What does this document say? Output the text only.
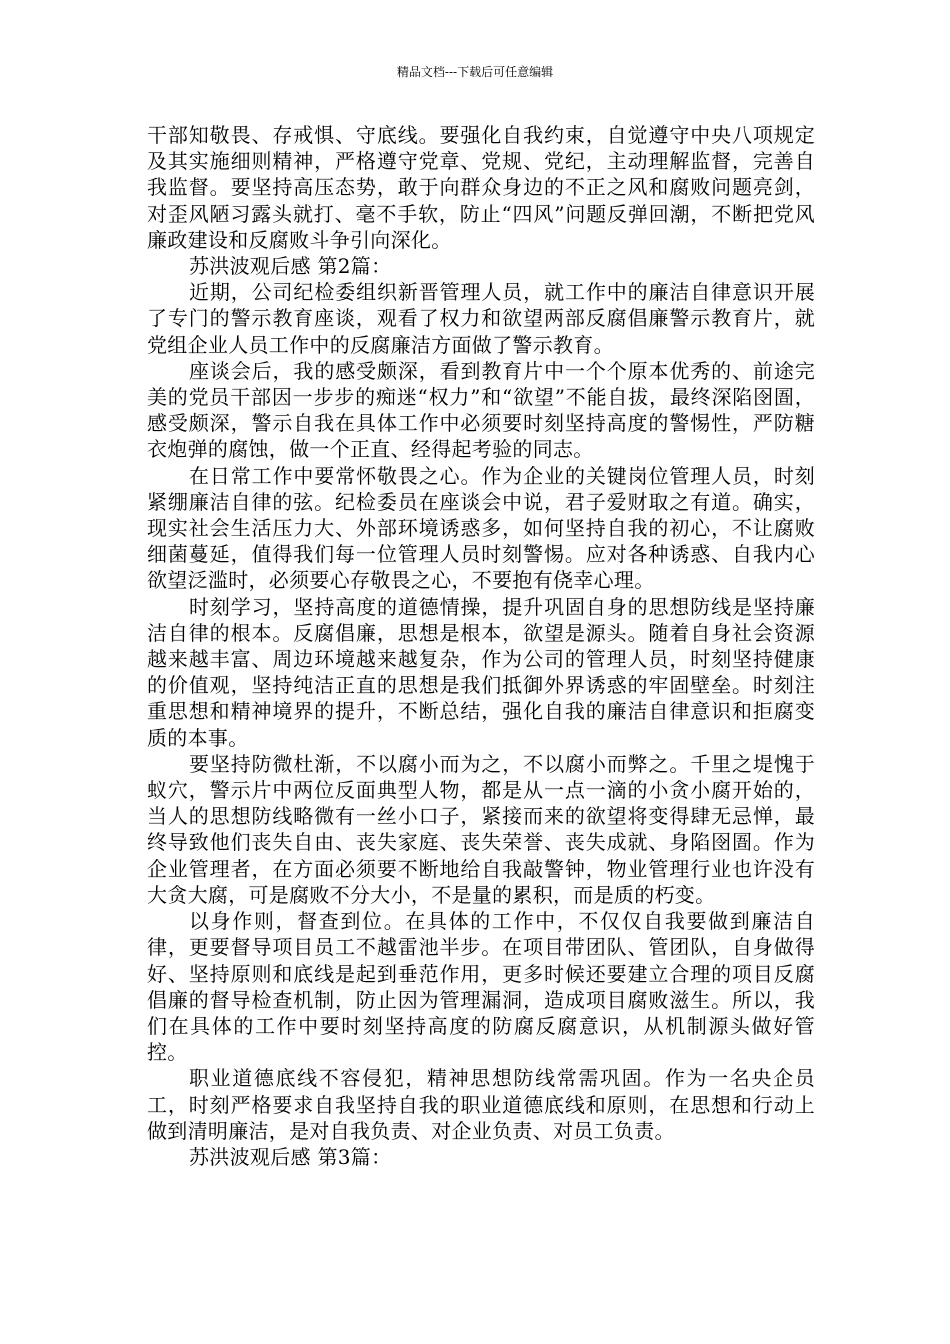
精品文档---下载后可任意编辑

干部知敬畏、存戒惧、守底线。要强化自我约束，自觉遵守中央八项规定及其实施细则精神，严格遵守党章、党规、党纪，主动理解监督，完善自我监督。要坚持高压态势，敢于向群众身边的不正之风和腐败问题亮剑，对歪风陋习露头就打、毫不手软，防止“四风”问题反弹回潮，不断把党风廉政建设和反腐败斗争引向深化。

苏洪波观后感 第2篇：

近期，公司纪检委组织新晋管理人员，就工作中的廉洁自律意识开展了专门的警示教育座谈，观看了权力和欲望两部反腐倡廉警示教育片，就党组企业人员工作中的反腐廉洁方面做了警示教育。

座谈会后，我的感受颇深，看到教育片中一个个原本优秀的、前途完美的党员干部因一步步的痴迷“权力”和“欲望”不能自拔，最终深陷囹圄，感受颇深，警示自我在具体工作中必须要时刻坚持高度的警惕性，严防糖衣炮弹的腐蚀，做一个正直、经得起考验的同志。

在日常工作中要常怀敬畏之心。作为企业的关键岗位管理人员，时刻紧绷廉洁自律的弦。纪检委员在座谈会中说，君子爱财取之有道。确实，现实社会生活压力大、外部环境诱惑多，如何坚持自我的初心，不让腐败细菌蔓延，值得我们每一位管理人员时刻警惕。应对各种诱惑、自我内心欲望泛滥时，必须要心存敬畏之心，不要抱有侥幸心理。

时刻学习，坚持高度的道德情操，提升巩固自身的思想防线是坚持廉洁自律的根本。反腐倡廉，思想是根本，欲望是源头。随着自身社会资源越来越丰富、周边环境越来越复杂，作为公司的管理人员，时刻坚持健康的价值观，坚持纯洁正直的思想是我们抵御外界诱惑的牢固壁垒。时刻注重思想和精神境界的提升，不断总结，强化自我的廉洁自律意识和拒腐变质的本事。

要坚持防微杜渐，不以腐小而为之，不以腐小而弊之。千里之堤愧于蚁穴，警示片中两位反面典型人物，都是从一点一滴的小贪小腐开始的，当人的思想防线略微有一丝小口子，紧接而来的欲望将变得肆无忌惮，最终导致他们丧失自由、丧失家庭、丧失荣誉、丧失成就、身陷囹圄。作为企业管理者，在方面必须要不断地给自我敲警钟，物业管理行业也许没有大贪大腐，可是腐败不分大小，不是量的累积，而是质的朽变。

以身作则，督查到位。在具体的工作中，不仅仅自我要做到廉洁自律，更要督导项目员工不越雷池半步。在项目带团队、管团队，自身做得好、坚持原则和底线是起到垂范作用，更多时候还要建立合理的项目反腐倡廉的督导检查机制，防止因为管理漏洞，造成项目腐败滋生。所以，我们在具体的工作中要时刻坚持高度的防腐反腐意识，从机制源头做好管控。

职业道德底线不容侵犯，精神思想防线常需巩固。作为一名央企员工，时刻严格要求自我坚持自我的职业道德底线和原则，在思想和行动上做到清明廉洁，是对自我负责、对企业负责、对员工负责。

苏洪波观后感 第3篇：
